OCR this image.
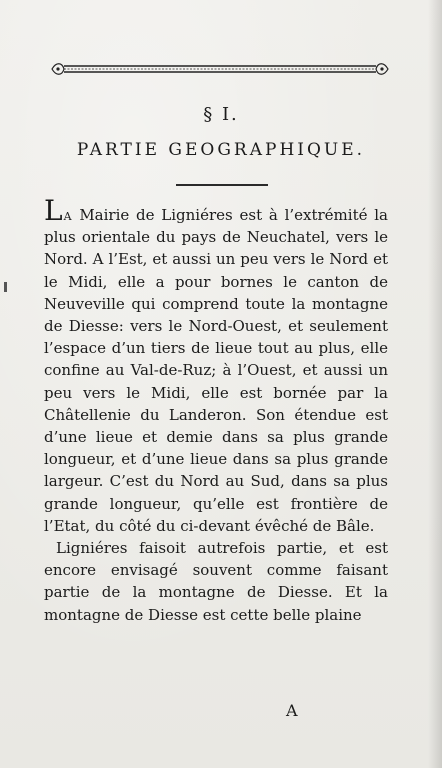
§ I.
PARTIE GEOGRAPHIQUE.

La Mairie de Ligniéres est à l’extrémité la plus orientale du pays de Neuchatel, vers le Nord. A l’Est, et aussi un peu vers le Nord et le Midi, elle a pour bornes le canton de Neuveville qui comprend toute la montagne de Diesse: vers le Nord-Ouest, et seulement l’espace d’un tiers de lieue tout au plus, elle confine au Val-de-Ruz; à l’Ouest, et aussi un peu vers le Midi, elle est bornée par la Châtellenie du Landeron. Son étendue est d’une lieue et demie dans sa plus grande longueur, et d’une lieue dans sa plus grande largeur. C’est du Nord au Sud, dans sa plus grande longueur, qu’elle est frontière de l’Etat, du côté du ci-devant évêché de Bâle.

Ligniéres faisoit autrefois partie, et est encore envisagé souvent comme faisant partie de la montagne de Diesse. Et la montagne de Diesse est cette belle plaine

A
